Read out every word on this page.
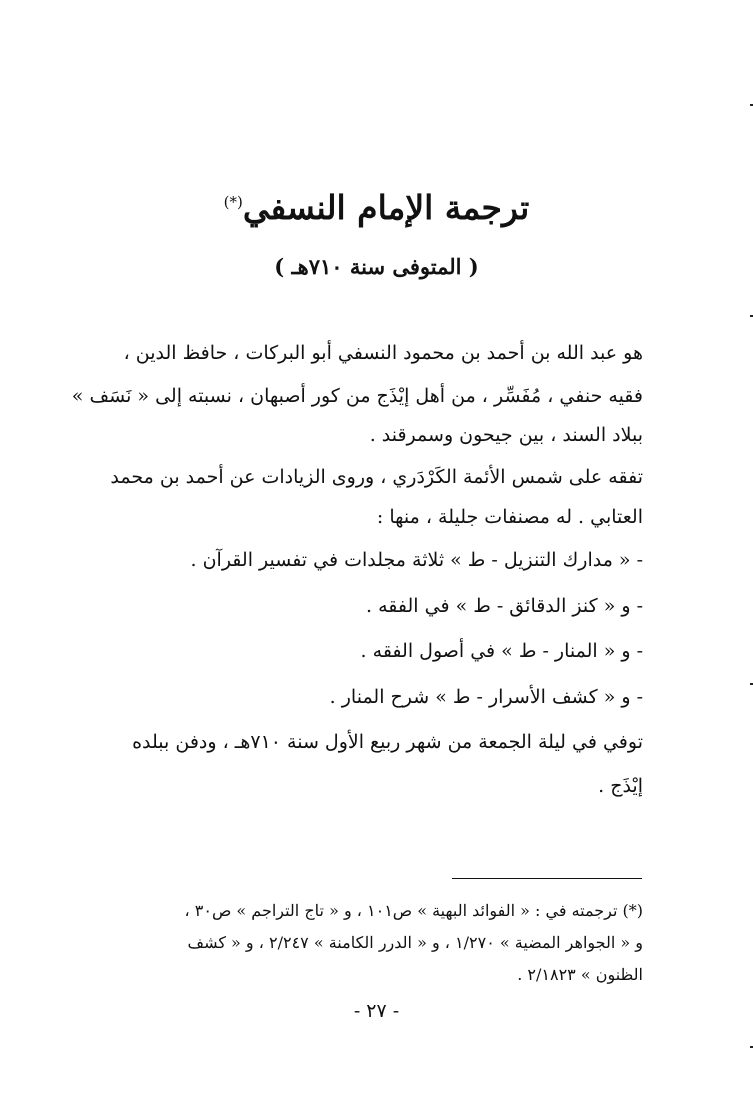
ترجمة الإمام النسفي(*)
( المتوفى سنة ٧١٠هـ )
هو عبد الله بن أحمد بن محمود النسفي أبو البركات ، حافظ الدين ،
فقيه حنفي ، مُفَسِّر ، من أهل إيْذَج من كور أصبهان ، نسبته إلى « نَسَف »
ببلاد السند ، بين جيحون وسمرقند .
تفقه على شمس الأئمة الكَرْدَري ، وروى الزيادات عن أحمد بن محمد
العتابي . له مصنفات جليلة ، منها :
- « مدارك التنزيل - ط » ثلاثة مجلدات في تفسير القرآن .
- و « كنز الدقائق - ط » في الفقه .
- و « المنار - ط » في أصول الفقه .
- و « كشف الأسرار - ط » شرح المنار .
توفي في ليلة الجمعة من شهر ربيع الأول سنة ٧١٠هـ ، ودفن ببلده
إيْذَج .
(*) ترجمته في : « الفوائد البهية » ص١٠١ ، و « تاج التراجم » ص٣٠ ،
و « الجواهر المضية » ١/٢٧٠ ، و « الدرر الكامنة » ٢/٢٤٧ ، و « كشف
الظنون » ٢/١٨٢٣ .
- ٢٧ -
